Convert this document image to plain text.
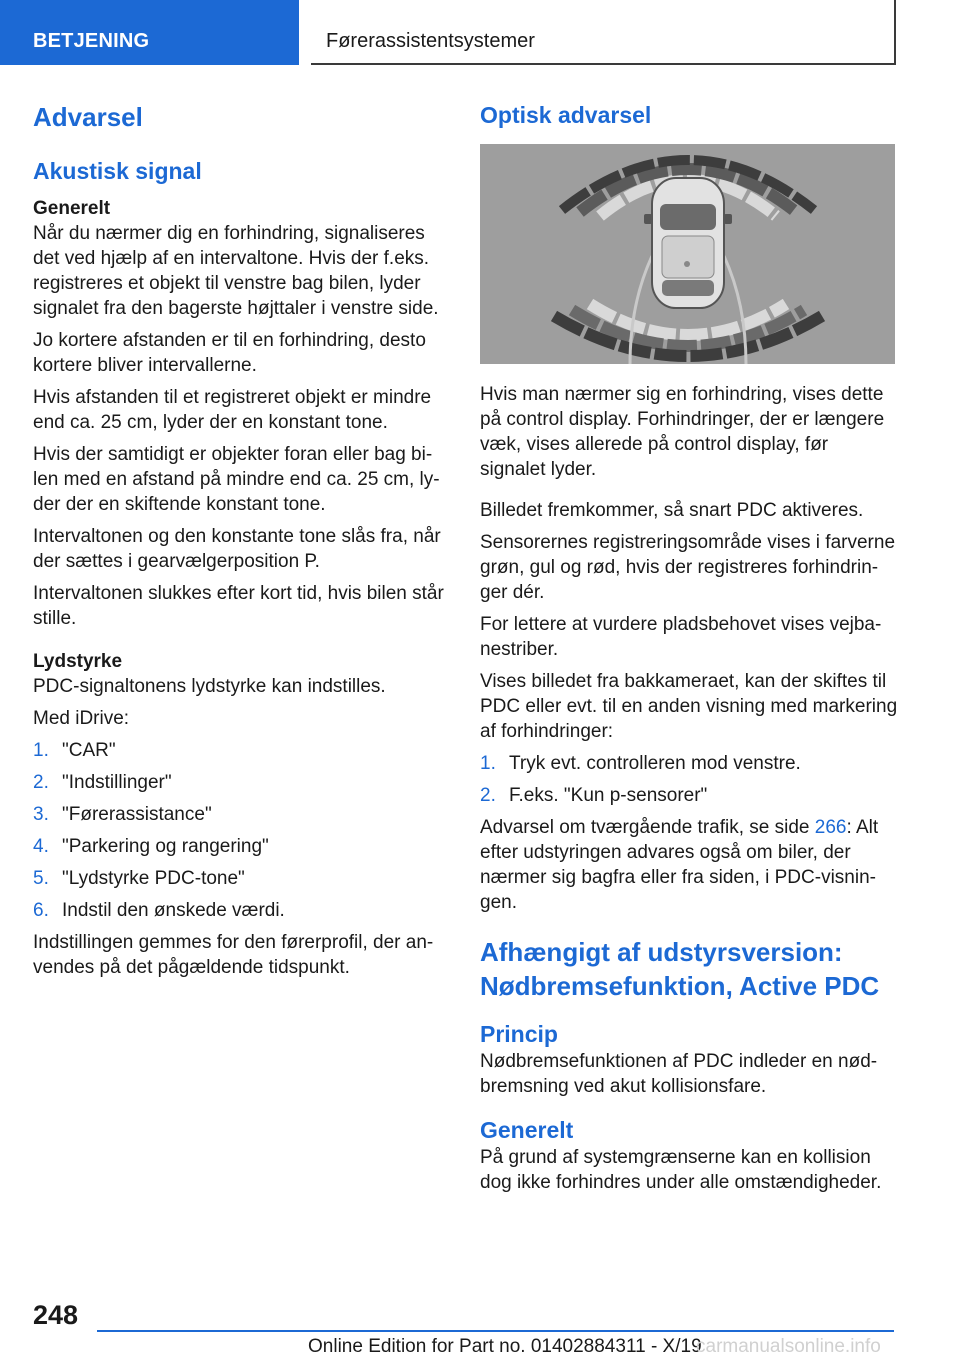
BETJENING	Førerassistentsystemer
Advarsel
Akustisk signal
Generelt

Når du nærmer dig en forhindring, signaliseres det ved hjælp af en intervaltone. Hvis der f.eks. registreres et objekt til venstre bag bilen, lyder signalet fra den bagerste højttaler i venstre side.

Jo kortere afstanden er til en forhindring, desto kortere bliver intervallerne.

Hvis afstanden til et registreret objekt er mindre end ca. 25 cm, lyder der en konstant tone.

Hvis der samtidigt er objekter foran eller bag bilen med en afstand på mindre end ca. 25 cm, lyder der en skiftende konstant tone.

Intervaltonen og den konstante tone slås fra, når der sættes i gearvælgerposition P.

Intervaltonen slukkes efter kort tid, hvis bilen står stille.

Lydstyrke

PDC-signaltonens lydstyrke kan indstilles.

Med iDrive:

1. "CAR"
2. "Indstillinger"
3. "Førerassistance"
4. "Parkering og rangering"
5. "Lydstyrke PDC-tone"
6. Indstil den ønskede værdi.

Indstillingen gemmes for den førerprofil, der anvendes på det pågældende tidspunkt.

Optisk advarsel

Hvis man nærmer sig en forhindring, vises dette på control display. Forhindringer, der er længere væk, vises allerede på control display, før signalet lyder.

Billedet fremkommer, så snart PDC aktiveres.

Sensorernes registreringsområde vises i farverne grøn, gul og rød, hvis der registreres forhindringer dér.

For lettere at vurdere pladsbehovet vises vejbanestriber.

Vises billedet fra bakkameraet, kan der skiftes til PDC eller evt. til en anden visning med markering af forhindringer:

1. Tryk evt. controlleren mod venstre.
2. F.eks. "Kun p-sensorer"

Advarsel om tværgående trafik, se side 266: Alt efter udstyringen advares også om biler, der nærmer sig bagfra eller fra siden, i PDC-visningen.

Afhængigt af udstyrsversion: Nødbremsefunktion, Active PDC
Princip

Nødbremsefunktionen af PDC indleder en nødbremsning ved akut kollisionsfare.

Generelt

På grund af systemgrænserne kan en kollision dog ikke forhindres under alle omstændigheder.

248
Online Edition for Part no. 01402884311 - X/19
carmanualsonline.info
